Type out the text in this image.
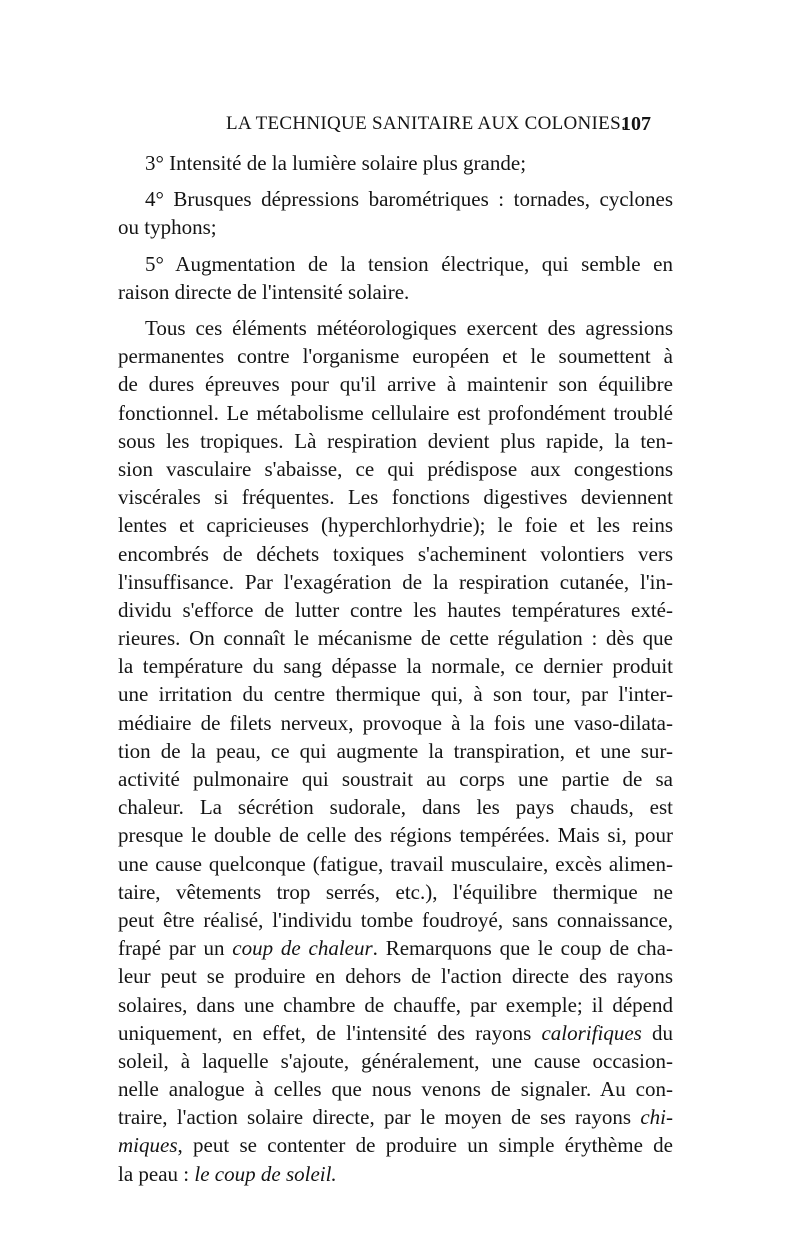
LA TECHNIQUE SANITAIRE AUX COLONIES.
107
3° Intensité de la lumière solaire plus grande;
4° Brusques dépressions barométriques : tornades, cyclones
ou typhons;
5° Augmentation de la tension électrique, qui semble en
raison directe de l'intensité solaire.
Tous ces éléments météorologiques exercent des agressions
permanentes contre l'organisme européen et le soumettent à
de dures épreuves pour qu'il arrive à maintenir son équilibre
fonctionnel. Le métabolisme cellulaire est profondément troublé
sous les tropiques. Là respiration devient plus rapide, la ten-
sion vasculaire s'abaisse, ce qui prédispose aux congestions
viscérales si fréquentes. Les fonctions digestives deviennent
lentes et capricieuses (hyperchlorhydrie); le foie et les reins
encombrés de déchets toxiques s'acheminent volontiers vers
l'insuffisance. Par l'exagération de la respiration cutanée, l'in-
dividu s'efforce de lutter contre les hautes températures exté-
rieures. On connaît le mécanisme de cette régulation : dès que
la température du sang dépasse la normale, ce dernier produit
une irritation du centre thermique qui, à son tour, par l'inter-
médiaire de filets nerveux, provoque à la fois une vaso-dilata-
tion de la peau, ce qui augmente la transpiration, et une sur-
activité pulmonaire qui soustrait au corps une partie de sa
chaleur. La sécrétion sudorale, dans les pays chauds, est
presque le double de celle des régions tempérées. Mais si, pour
une cause quelconque (fatigue, travail musculaire, excès alimen-
taire, vêtements trop serrés, etc.), l'équilibre thermique ne
peut être réalisé, l'individu tombe foudroyé, sans connaissance,
frapé par un coup de chaleur. Remarquons que le coup de cha-
leur peut se produire en dehors de l'action directe des rayons
solaires, dans une chambre de chauffe, par exemple; il dépend
uniquement, en effet, de l'intensité des rayons calorifiques du
soleil, à laquelle s'ajoute, généralement, une cause occasion-
nelle analogue à celles que nous venons de signaler. Au con-
traire, l'action solaire directe, par le moyen de ses rayons chi-
miques, peut se contenter de produire un simple érythème de
la peau : le coup de soleil.
